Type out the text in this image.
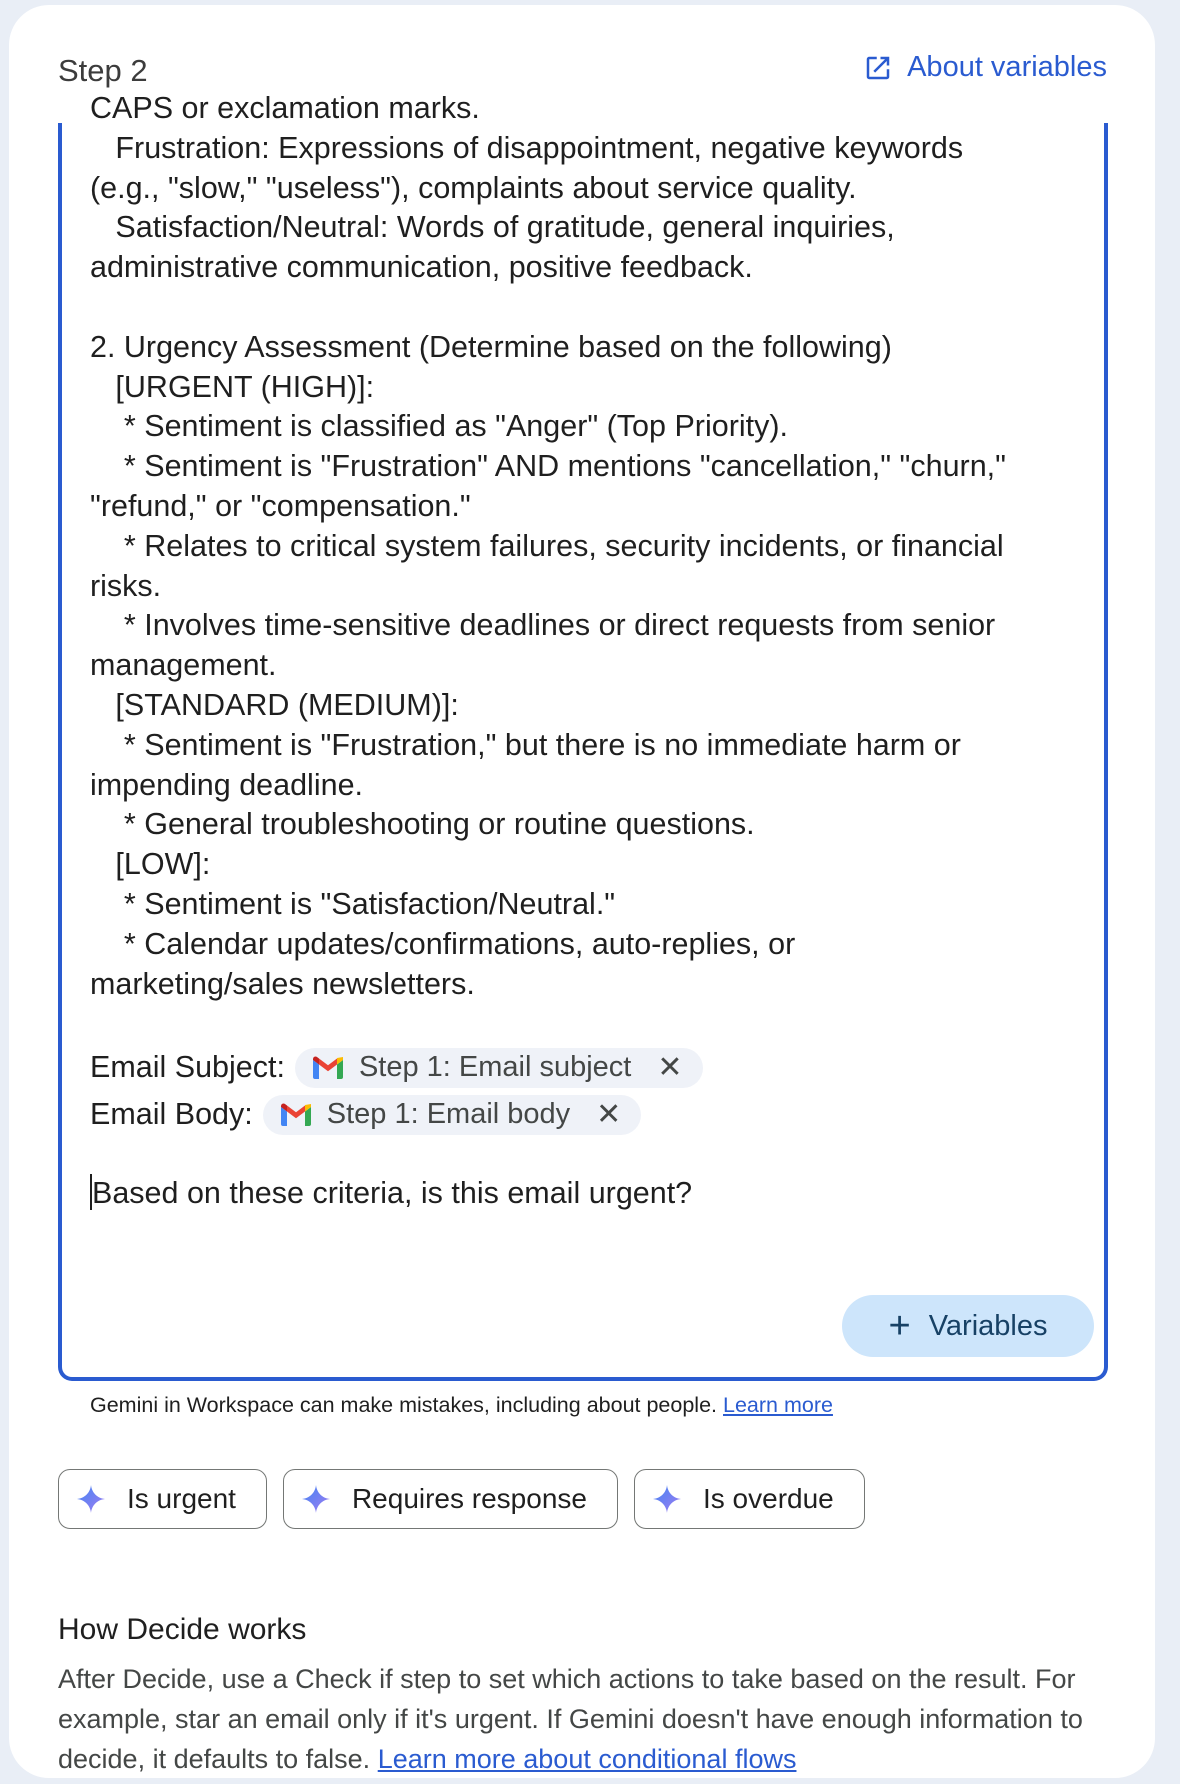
Step 2	About variables
CAPS or exclamation marks.
Frustration: Expressions of disappointment, negative keywords
(e.g., "slow," "useless"), complaints about service quality.
Satisfaction/Neutral: Words of gratitude, general inquiries,
administrative communication, positive feedback.
2. Urgency Assessment (Determine based on the following)
[URGENT (HIGH)]:
* Sentiment is classified as "Anger" (Top Priority).
* Sentiment is "Frustration" AND mentions "cancellation," "churn,"
"refund," or "compensation."
* Relates to critical system failures, security incidents, or financial
risks.
* Involves time-sensitive deadlines or direct requests from senior
management.
[STANDARD (MEDIUM)]:
* Sentiment is "Frustration," but there is no immediate harm or
impending deadline.
* General troubleshooting or routine questions.
[LOW]:
* Sentiment is "Satisfaction/Neutral."
* Calendar updates/confirmations, auto-replies, or
marketing/sales newsletters.
Email Subject:	Step 1: Email subject ✕
Email Body:	Step 1: Email body ✕
Based on these criteria, is this email urgent?
+ Variables
Gemini in Workspace can make mistakes, including about people. Learn more
Is urgent	Requires response	Is overdue
How Decide works

After Decide, use a Check if step to set which actions to take based on the result. For example, star an email only if it's urgent. If Gemini doesn't have enough information to decide, it defaults to false. Learn more about conditional flows
